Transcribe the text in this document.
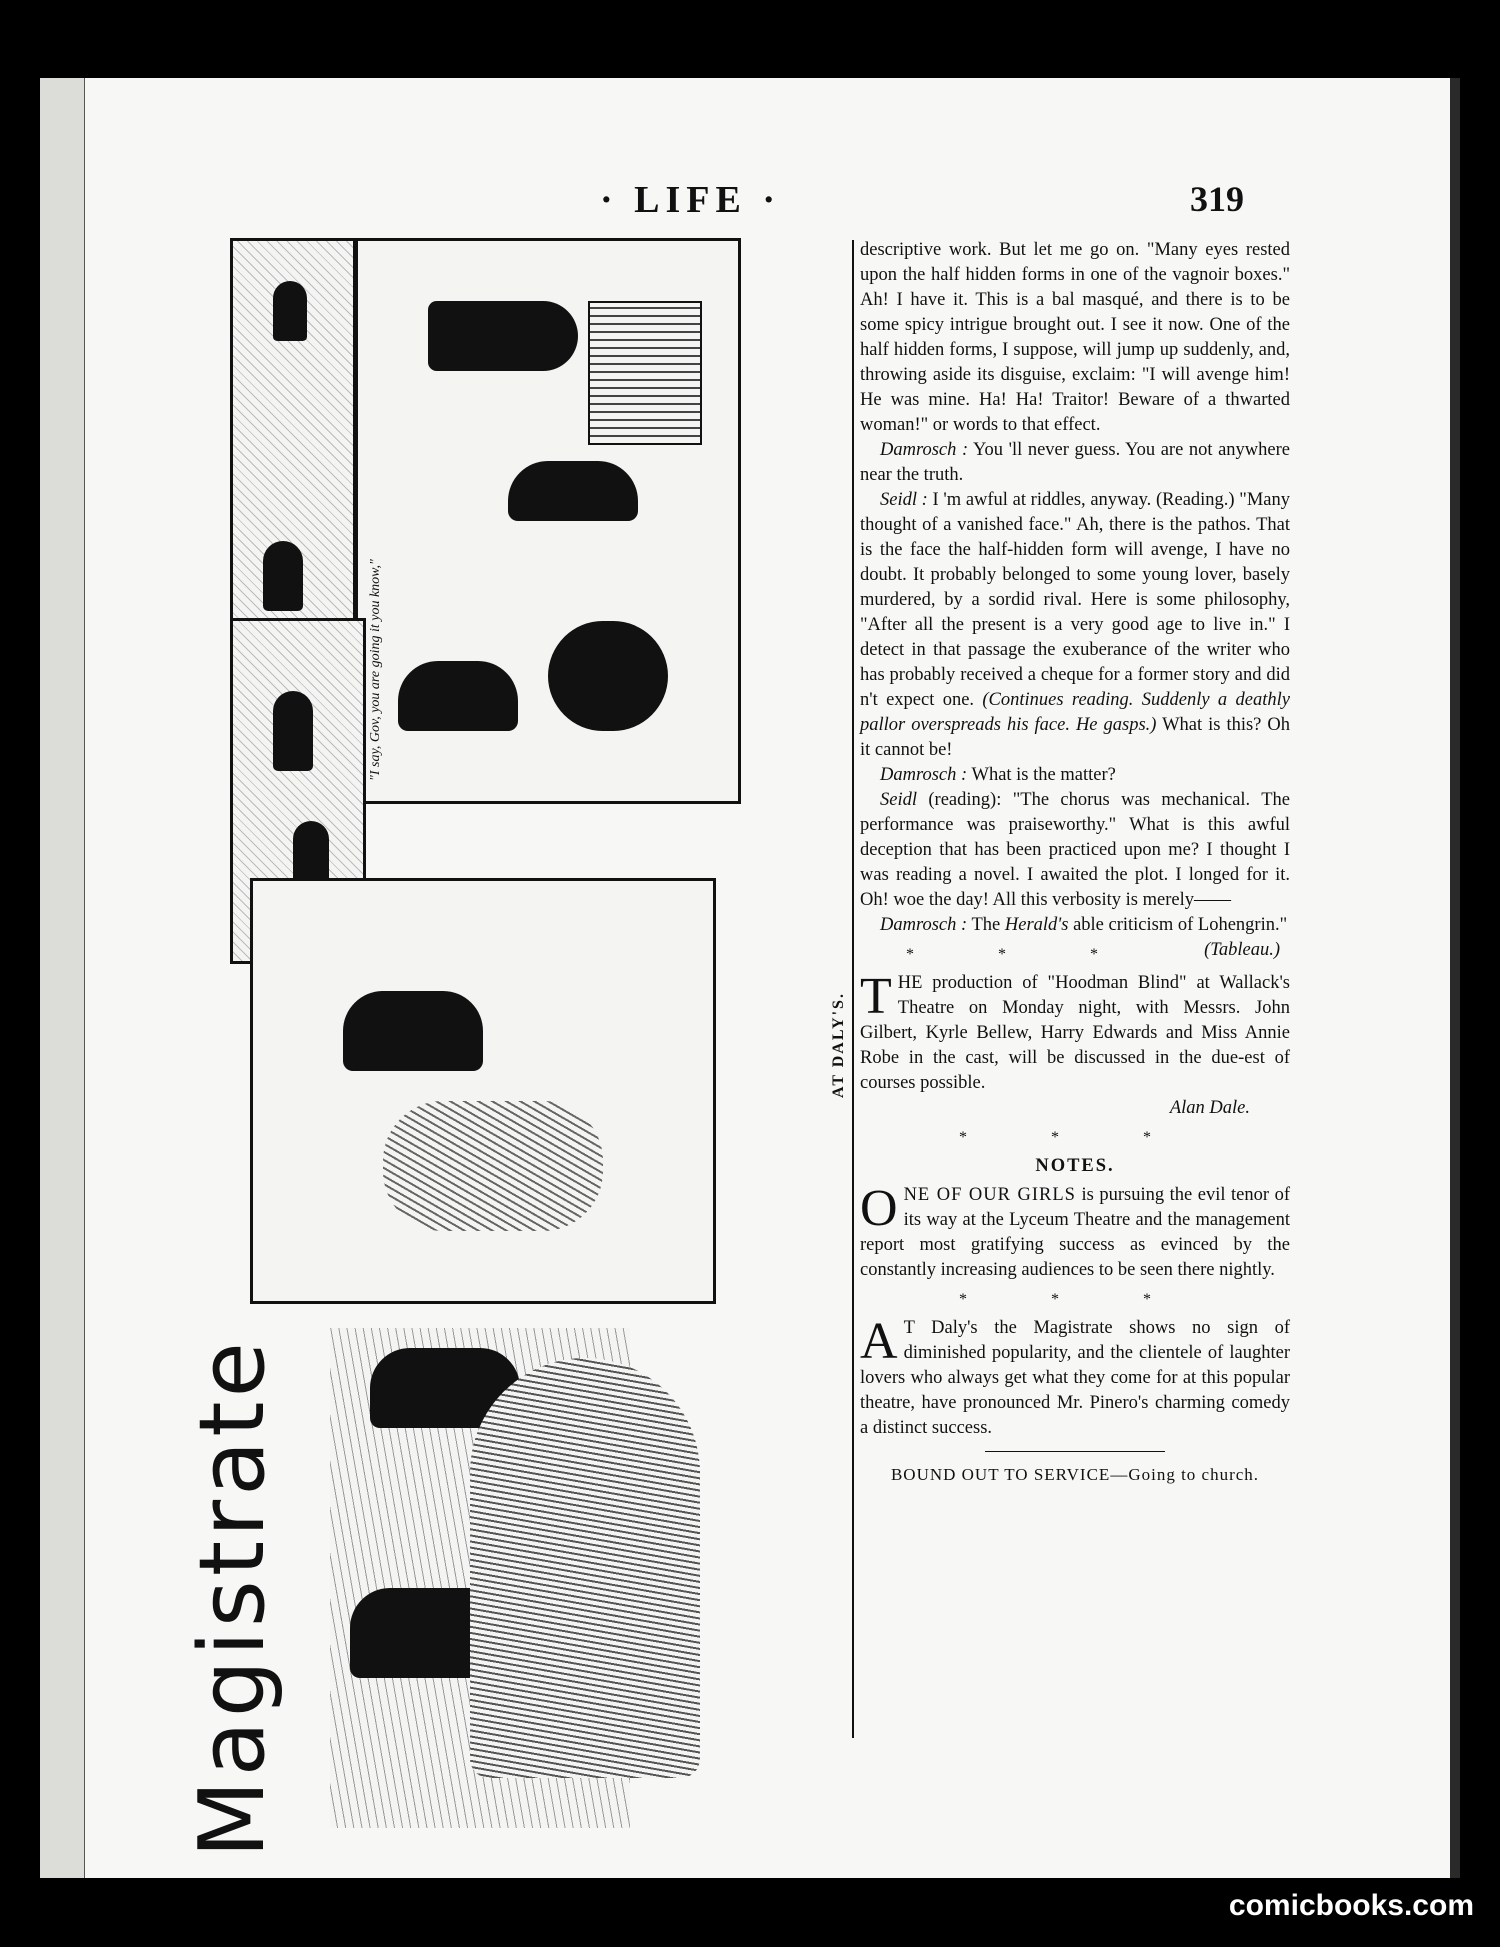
· LIFE ·	319
"I say, Gov, you are going it you know,"
AT DALY'S.
Magistrate

descriptive work. But let me go on. "Many eyes rested upon the half hidden forms in one of the vagnoir boxes." Ah! I have it. This is a bal masqué, and there is to be some spicy intrigue brought out. I see it now. One of the half hidden forms, I suppose, will jump up suddenly, and, throwing aside its disguise, exclaim: "I will avenge him! He was mine. Ha! Ha! Traitor! Beware of a thwarted woman!" or words to that effect.

Damrosch : You 'll never guess. You are not anywhere near the truth.

Seidl : I 'm awful at riddles, anyway. (Reading.) "Many thought of a vanished face." Ah, there is the pathos. That is the face the half-hidden form will avenge, I have no doubt. It probably belonged to some young lover, basely murdered, by a sordid rival. Here is some philosophy, "After all the present is a very good age to live in." I detect in that passage the exuberance of the writer who has probably received a cheque for a former story and did n't expect one. (Continues reading. Suddenly a deathly pallor overspreads his face. He gasps.) What is this? Oh it cannot be!

Damrosch : What is the matter?

Seidl (reading): "The chorus was mechanical. The performance was praiseworthy." What is this awful deception that has been practiced upon me? I thought I was reading a novel. I awaited the plot. I longed for it. Oh! woe the day! All this verbosity is merely——

Damrosch : The Herald's able criticism of Lohengrin."
(Tableau.)

* * *

THE production of "Hoodman Blind" at Wallack's Theatre on Monday night, with Messrs. John Gilbert, Kyrle Bellew, Harry Edwards and Miss Annie Robe in the cast, will be discussed in the due-est of courses possible.

Alan Dale.
* * *
NOTES.

ONE OF OUR GIRLS is pursuing the evil tenor of its way at the Lyceum Theatre and the management report most gratifying success as evinced by the constantly increasing audiences to be seen there nightly.

* * *

A T Daly's the Magistrate shows no sign of diminished popularity, and the clientele of laughter lovers who always get what they come for at this popular theatre, have pronounced Mr. Pinero's charming comedy a distinct success.

BOUND OUT TO SERVICE—Going to church.
comicbooks.com
